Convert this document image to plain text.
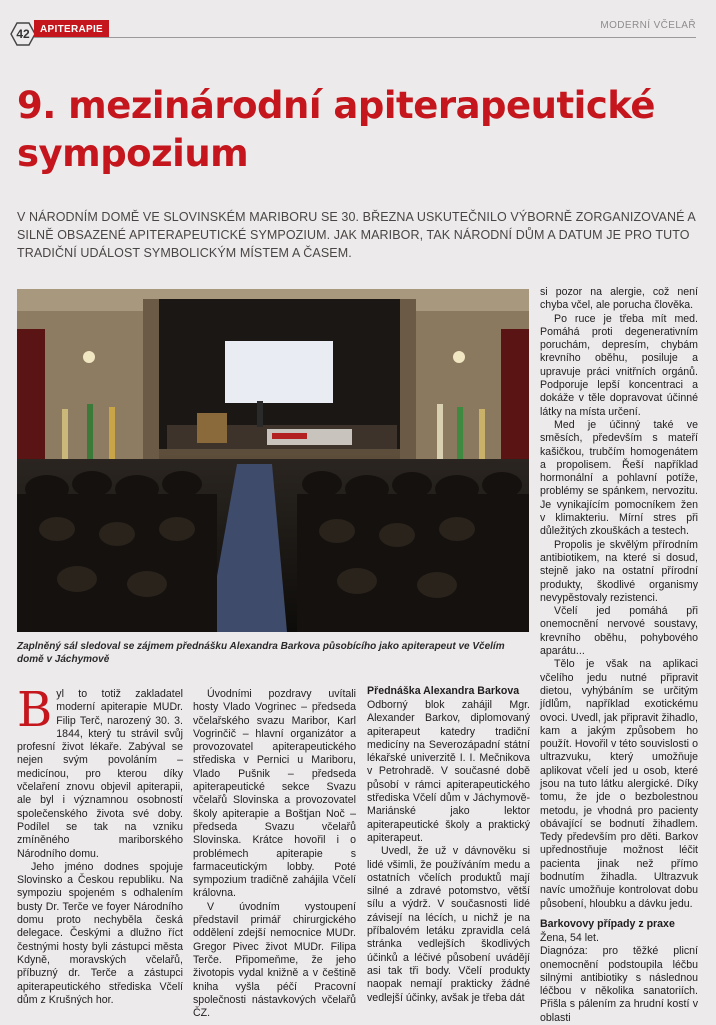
42	APITERAPIE	MODERNÍ VČELAŘ
9. mezinárodní apiterapeutické sympozium
V NÁRODNÍM DOMĚ VE SLOVINSKÉM MARIBORU SE 30. BŘEZNA USKUTEČNILO VÝBORNĚ ZORGANIZOVANÉ A SILNĚ OBSAZENÉ APITERAPEUTICKÉ SYMPOZIUM. JAK MARIBOR, TAK NÁRODNÍ DŮM A DATUM JE PRO TUTO TRADIČNÍ UDÁLOST SYMBOLICKÝM MÍSTEM A ČASEM.
Zaplněný sál sledoval se zájmem přednášku Alexandra Barkova působícího jako apiterapeut ve Včelím domě v Jáchymově

Byl to totiž zakladatel moderní apiterapie MUDr. Filip Terč, narozený 30. 3. 1844, který tu strávil svůj profesní život lékaře. Zabýval se nejen svým povoláním – medicínou, pro kterou díky včelaření znovu objevil apiterapii, ale byl i významnou osobností společenského života své doby. Podílel se tak na vzniku zmíněného mariborského Národního domu.

Jeho jméno dodnes spojuje Slovinsko a Českou republiku. Na sympoziu spojeném s odhalením busty Dr. Terče ve foyer Národního domu proto nechyběla česká delegace. Českými a dlužno říct čestnými hosty byli zástupci města Kdyně, moravských včelařů, příbuzný dr. Terče a zástupci apiterapeutického střediska Včelí dům z Krušných hor.

Úvodními pozdravy uvítali hosty Vlado Vogrinec – předseda včelařského svazu Maribor, Karl Vogrinčič – hlavní organizátor a provozovatel apiterapeutického střediska v Pernici u Mariboru, Vlado Pušnik – předseda apiterapeutické sekce Svazu včelařů Slovinska a provozovatel školy apiterapie a Boštjan Noč – předseda Svazu včelařů Slovinska. Krátce hovořil i o problémech apiterapie s farmaceutickým lobby. Poté sympozium tradičně zahájila Včelí královna.

V úvodním vystoupení představil primář chirurgického oddělení zdejší nemocnice MUDr. Gregor Pivec život MUDr. Filipa Terče. Připomeňme, že jeho životopis vydal knižně a v češtině kniha vyšla péčí Pracovní společnosti nástavkových včelařů ČZ.

Přednáška Alexandra Barkova

Odborný blok zahájil Mgr. Alexander Barkov, diplomovaný apiterapeut katedry tradiční medicíny na Severozápadní státní lékařské univerzitě I. I. Mečnikova v Petrohradě. V současné době působí v rámci apiterapeutického střediska Včelí dům v Jáchymově-Mariánské jako lektor apiterapeutické školy a praktický apiterapeut.

Uvedl, že už v dávnověku si lidé všimli, že používáním medu a ostatních včelích produktů mají silné a zdravé potomstvo, větší sílu a výdrž. V současnosti lidé závisejí na lécích, u nichž je na příbalovém letáku zpravidla celá stránka vedlejších škodlivých účinků a léčivé působení uvádějí asi tak tři body. Včelí produkty naopak nemají prakticky žádné vedlejší účinky, avšak je třeba dát

si pozor na alergie, což není chyba včel, ale porucha člověka.

Po ruce je třeba mít med. Pomáhá proti degenerativním poruchám, depresím, chybám krevního oběhu, posiluje a upravuje práci vnitřních orgánů. Podporuje lepší koncentraci a dokáže v těle dopravovat účinné látky na místa určení.

Med je účinný také ve směsích, především s mateří kašičkou, trubčím homogenátem a propolisem. Řeší například hormonální a pohlavní potíže, problémy se spánkem, nervozitu. Je vynikajícím pomocníkem žen v klimakteriu. Mírní stres při důležitých zkouškách a testech.

Propolis je skvělým přírodním antibiotikem, na které si dosud, stejně jako na ostatní přírodní produkty, škodlivé organismy nevypěstovaly rezistenci.

Včelí jed pomáhá při onemocnění nervové soustavy, krevního oběhu, pohybového aparátu...

Tělo je však na aplikaci včelího jedu nutné připravit dietou, vyhýbáním se určitým jídlům, například exotickému ovoci. Uvedl, jak připravit žihadlo, kam a jakým způsobem ho použít. Hovořil v této souvislosti o ultrazvuku, který umožňuje aplikovat včelí jed u osob, které jsou na tuto látku alergické. Díky tomu, že jde o bezbolestnou metodu, je vhodná pro pacienty obávající se bodnutí žihadlem. Tedy především pro děti. Barkov upřednostňuje možnost léčit pacienta jinak než přímo bodnutím žihadla. Ultrazvuk navíc umožňuje kontrolovat dobu působení, hloubku a dávku jedu.

Barkovovy případy z praxe

Žena, 54 let.

Diagnóza: pro těžké plicní onemocnění podstoupila léčbu silnými antibiotiky s následnou léčbou v několika sanatoriích. Přišla s pálením za hrudní kostí v oblasti
